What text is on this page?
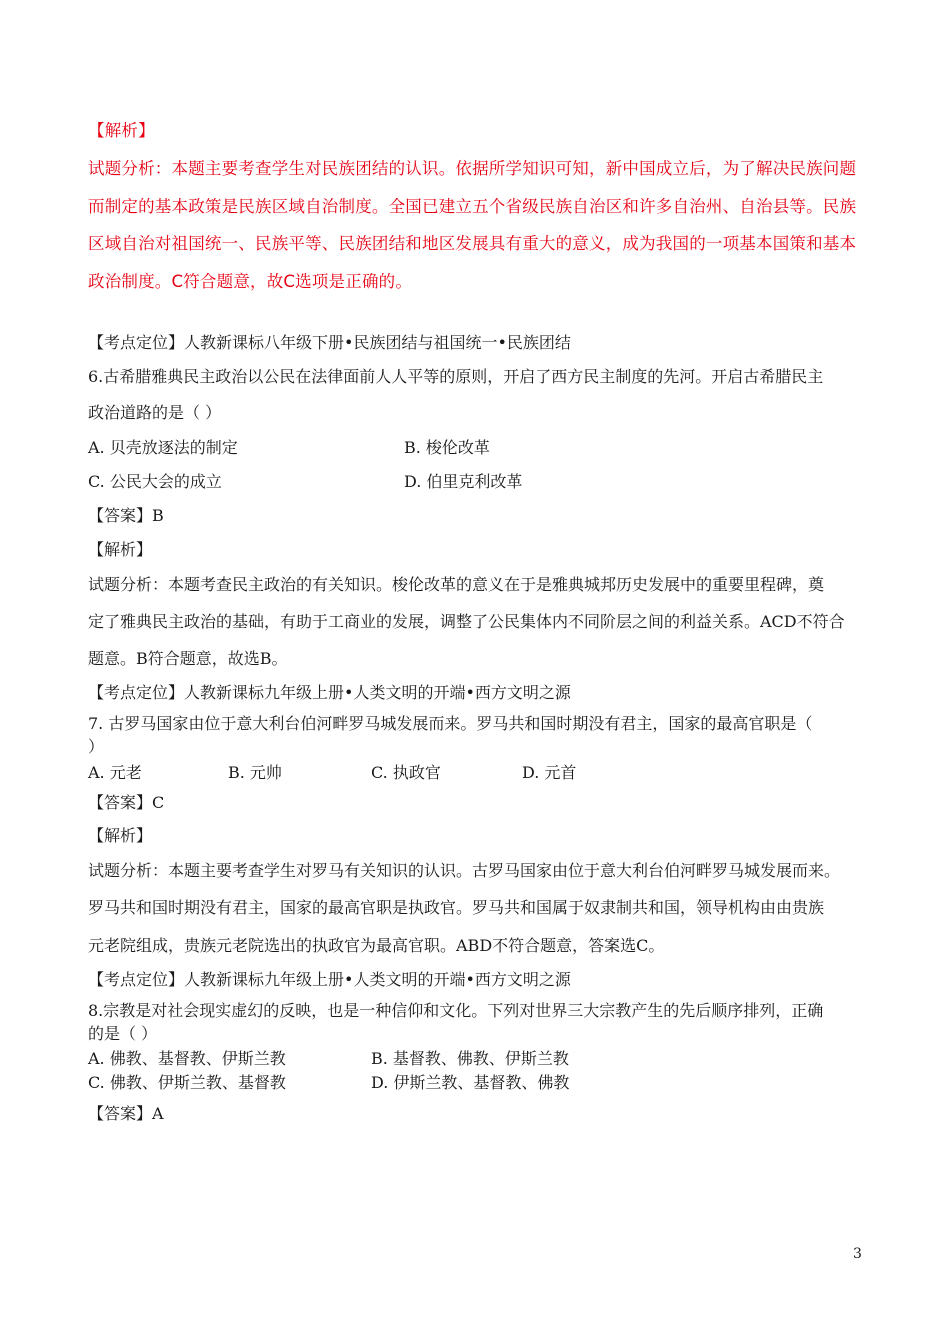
【解析】
试题分析：本题主要考查学生对民族团结的认识。依据所学知识可知，新中国成立后，为了解决民族问题
而制定的基本政策是民族区域自治制度。全国已建立五个省级民族自治区和许多自治州、自治县等。民族
区域自治对祖国统一、民族平等、民族团结和地区发展具有重大的意义，成为我国的一项基本国策和基本
政治制度。C符合题意，故C选项是正确的。
【考点定位】人教新课标八年级下册•民族团结与祖国统一•民族团结
6.古希腊雅典民主政治以公民在法律面前人人平等的原则，开启了西方民主制度的先河。开启古希腊民主
政治道路的是（ ）
A. 贝壳放逐法的制定	B. 梭伦改革
C. 公民大会的成立	D. 伯里克利改革
【答案】B
【解析】
试题分析：本题考查民主政治的有关知识。梭伦改革的意义在于是雅典城邦历史发展中的重要里程碑，奠
定了雅典民主政治的基础，有助于工商业的发展，调整了公民集体内不同阶层之间的利益关系。ACD不符合
题意。B符合题意，故选B。
【考点定位】人教新课标九年级上册•人类文明的开端•西方文明之源
7. 古罗马国家由位于意大利台伯河畔罗马城发展而来。罗马共和国时期没有君主，国家的最高官职是（
）
A. 元老	B. 元帅	C. 执政官	D. 元首
【答案】C
【解析】
试题分析：本题主要考查学生对罗马有关知识的认识。古罗马国家由位于意大利台伯河畔罗马城发展而来。
罗马共和国时期没有君主，国家的最高官职是执政官。罗马共和国属于奴隶制共和国，领导机构由由贵族
元老院组成，贵族元老院选出的执政官为最高官职。ABD不符合题意，答案选C。
【考点定位】人教新课标九年级上册•人类文明的开端•西方文明之源
8.宗教是对社会现实虚幻的反映，也是一种信仰和文化。下列对世界三大宗教产生的先后顺序排列，正确
的是（ ）
A. 佛教、基督教、伊斯兰教	B. 基督教、佛教、伊斯兰教
C. 佛教、伊斯兰教、基督教	D. 伊斯兰教、基督教、佛教
【答案】A
3
